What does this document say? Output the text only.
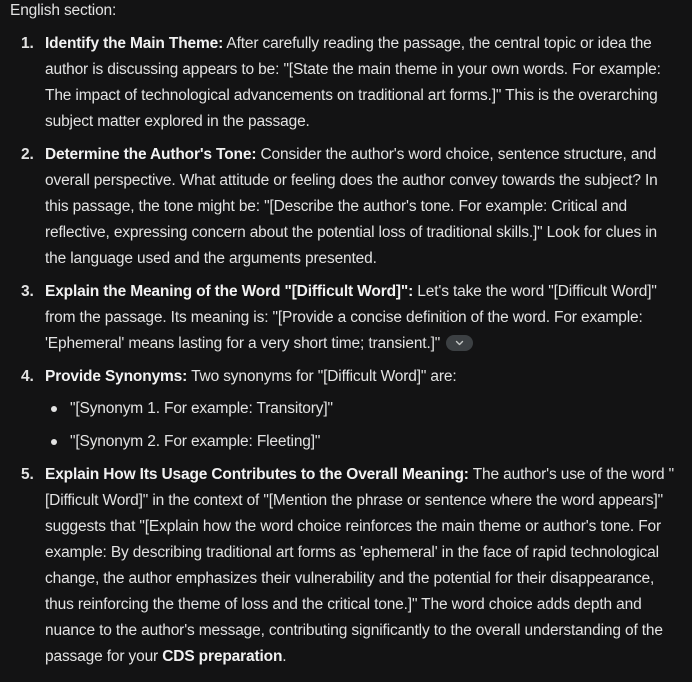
English section:

1. Identify the Main Theme: After carefully reading the passage, the central topic or idea the author is discussing appears to be: "[State the main theme in your own words. For example: The impact of technological advancements on traditional art forms.]" This is the overarching subject matter explored in the passage.
2. Determine the Author's Tone: Consider the author's word choice, sentence structure, and overall perspective. What attitude or feeling does the author convey towards the subject? In this passage, the tone might be: "[Describe the author's tone. For example: Critical and reflective, expressing concern about the potential loss of traditional skills.]" Look for clues in the language used and the arguments presented.
3. Explain the Meaning of the Word "[Difficult Word]": Let's take the word "[Difficult Word]" from the passage. Its meaning is: "[Provide a concise definition of the word. For example: 'Ephemeral' means lasting for a very short time; transient.]"
4. Provide Synonyms: Two synonyms for "[Difficult Word]" are:
"[Synonym 1. For example: Transitory]"
"[Synonym 2. For example: Fleeting]"
5. Explain How Its Usage Contributes to the Overall Meaning: The author's use of the word "[Difficult Word]" in the context of "[Mention the phrase or sentence where the word appears]" suggests that "[Explain how the word choice reinforces the main theme or author's tone. For example: By describing traditional art forms as 'ephemeral' in the face of rapid technological change, the author emphasizes their vulnerability and the potential for their disappearance, thus reinforcing the theme of loss and the critical tone.]" The word choice adds depth and nuance to the author's message, contributing significantly to the overall understanding of the passage for your CDS preparation.
